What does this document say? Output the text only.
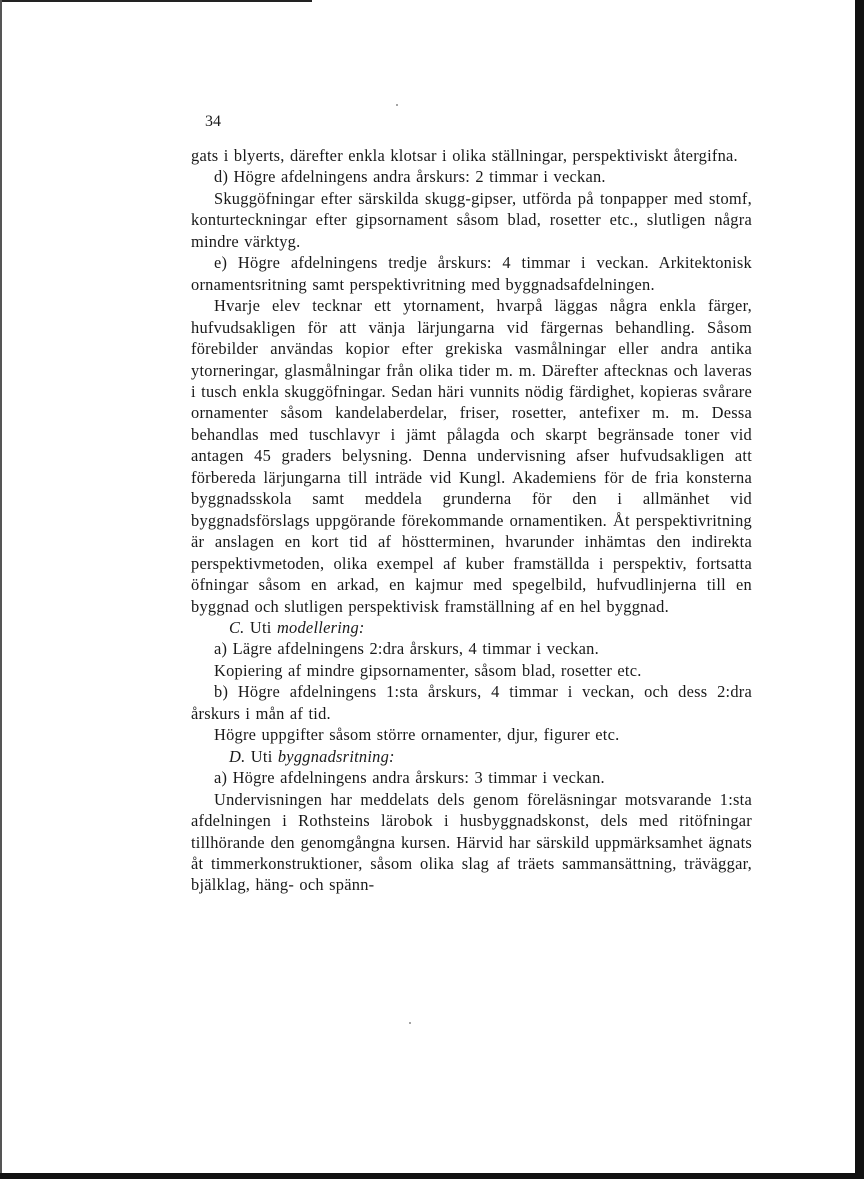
34

gats i blyerts, därefter enkla klotsar i olika ställningar, perspektiviskt återgifna.

d) Högre afdelningens andra årskurs: 2 timmar i veckan.

Skuggöfningar efter särskilda skugg-gipser, utförda på tonpapper med stomf, konturteckningar efter gipsornament såsom blad, rosetter etc., slutligen några mindre värktyg.

e) Högre afdelningens tredje årskurs: 4 timmar i veckan. Arkitektonisk ornamentsritning samt perspektivritning med byggnadsafdelningen.

Hvarje elev tecknar ett ytornament, hvarpå läggas några enkla färger, hufvudsakligen för att vänja lärjungarna vid färgernas behandling. Såsom förebilder användas kopior efter grekiska vasmålningar eller andra antika ytorneringar, glasmålningar från olika tider m. m. Därefter aftecknas och laveras i tusch enkla skuggöfningar. Sedan häri vunnits nödig färdighet, kopieras svårare ornamenter såsom kandelaberdelar, friser, rosetter, antefixer m. m. Dessa behandlas med tuschlavyr i jämt pålagda och skarpt begränsade toner vid antagen 45 graders belysning. Denna undervisning afser hufvudsakligen att förbereda lärjungarna till inträde vid Kungl. Akademiens för de fria konsterna byggnadsskola samt meddela grunderna för den i allmänhet vid byggnadsförslags uppgörande förekommande ornamentiken. Åt perspektivritning är anslagen en kort tid af höstterminen, hvarunder inhämtas den indirekta perspektivmetoden, olika exempel af kuber framställda i perspektiv, fortsatta öfningar såsom en arkad, en kajmur med spegelbild, hufvudlinjerna till en byggnad och slutligen perspektivisk framställning af en hel byggnad.

C. Uti modellering:

a) Lägre afdelningens 2:dra årskurs, 4 timmar i veckan.

Kopiering af mindre gipsornamenter, såsom blad, rosetter etc.

b) Högre afdelningens 1:sta årskurs, 4 timmar i veckan, och dess 2:dra årskurs i mån af tid.

Högre uppgifter såsom större ornamenter, djur, figurer etc.

D. Uti byggnadsritning:

a) Högre afdelningens andra årskurs: 3 timmar i veckan.

Undervisningen har meddelats dels genom föreläsningar motsvarande 1:sta afdelningen i Rothsteins lärobok i husbyggnadskonst, dels med ritöfningar tillhörande den genomgångna kursen. Härvid har särskild uppmärksamhet ägnats åt timmerkonstruktioner, såsom olika slag af träets sammansättning, träväggar, bjälklag, häng- och spänn-
